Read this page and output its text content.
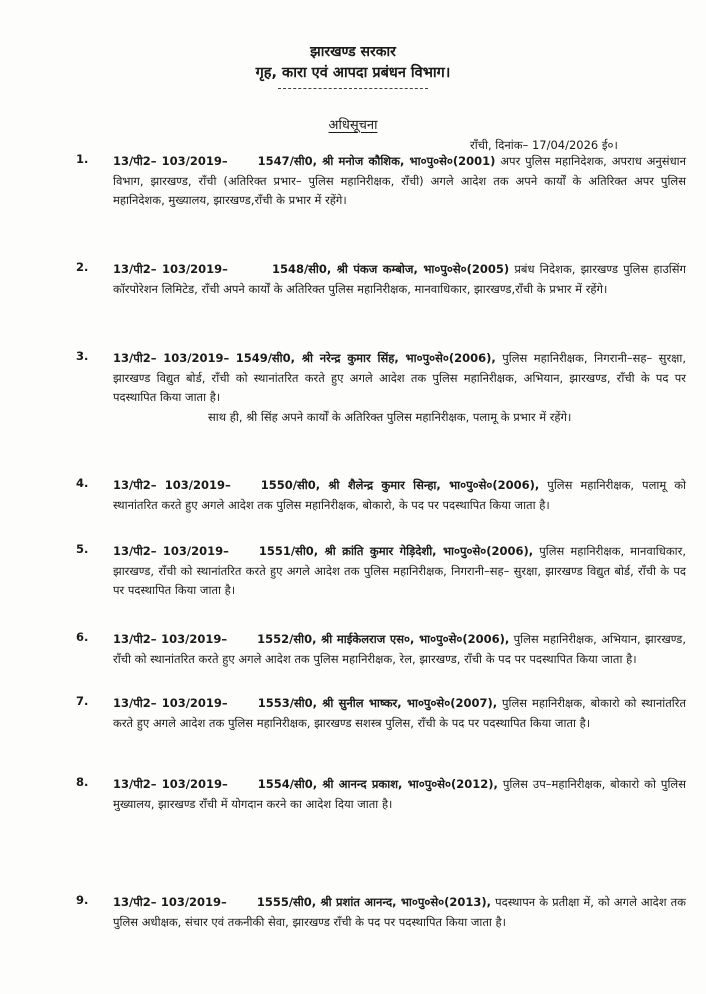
झारखण्ड सरकार
गृह, कारा एवं आपदा प्रबंधन विभाग।
अधिसूचना
राँची, दिनांक– 17/04/2026 ई०।
1. 13/पी2– 103/2019–	1547/सी0, श्री मनोज कौशिक, भा०पु०से०(2001) अपर पुलिस महानिदेशक, अपराध अनुसंधान विभाग, झारखण्ड, राँची (अतिरिक्त प्रभार– पुलिस महानिरीक्षक, राँची) अगले आदेश तक अपने कार्यों के अतिरिक्त अपर पुलिस महानिदेशक, मुख्यालय, झारखण्ड,राँची के प्रभार में रहेंगे।
2. 13/पी2– 103/2019–	1548/सी0, श्री पंकज कम्बोज, भा०पु०से०(2005) प्रबंध निदेशक, झारखण्ड पुलिस हाउसिंग कॉरपोरेशन लिमिटेड, राँची अपने कार्यों के अतिरिक्त पुलिस महानिरीक्षक, मानवाधिकार, झारखण्ड,राँची के प्रभार में रहेंगे।
3. 13/पी2– 103/2019– 1549/सी0, श्री नरेन्द्र कुमार सिंह, भा०पु०से०(2006), पुलिस महानिरीक्षक, निगरानी–सह– सुरक्षा, झारखण्ड विद्युत बोर्ड, राँची को स्थानांतरित करते हुए अगले आदेश तक पुलिस महानिरीक्षक, अभियान, झारखण्ड, राँची के पद पर पदस्थापित किया जाता है।
साथ ही, श्री सिंह अपने कार्यों के अतिरिक्त पुलिस महानिरीक्षक, पलामू के प्रभार में रहेंगे।
4. 13/पी2– 103/2019–	1550/सी0, श्री शैलेन्द्र कुमार सिन्हा, भा०पु०से०(2006), पुलिस महानिरीक्षक, पलामू को स्थानांतरित करते हुए अगले आदेश तक पुलिस महानिरीक्षक, बोकारो, के पद पर पदस्थापित किया जाता है।
5. 13/पी2– 103/2019–	1551/सी0, श्री क्रांति कुमार गेड़िदेशी, भा०पु०से०(2006), पुलिस महानिरीक्षक, मानवाधिकार, झारखण्ड, राँची को स्थानांतरित करते हुए अगले आदेश तक पुलिस महानिरीक्षक, निगरानी–सह– सुरक्षा, झारखण्ड विद्युत बोर्ड, राँची के पद पर पदस्थापित किया जाता है।
6. 13/पी2– 103/2019–	1552/सी0, श्री माईकेलराज एस०, भा०पु०से०(2006), पुलिस महानिरीक्षक, अभियान, झारखण्ड, राँची को स्थानांतरित करते हुए अगले आदेश तक पुलिस महानिरीक्षक, रेल, झारखण्ड, राँची के पद पर पदस्थापित किया जाता है।
7. 13/पी2– 103/2019–	1553/सी0, श्री सुनील भाष्कर, भा०पु०से०(2007), पुलिस महानिरीक्षक, बोकारो को स्थानांतरित करते हुए अगले आदेश तक पुलिस महानिरीक्षक, झारखण्ड सशस्त्र पुलिस, राँची के पद पर पदस्थापित किया जाता है।
8. 13/पी2– 103/2019–	1554/सी0, श्री आनन्द प्रकाश, भा०पु०से०(2012), पुलिस उप–महानिरीक्षक, बोकारो को पुलिस मुख्यालय, झारखण्ड राँची में योगदान करने का आदेश दिया जाता है।
9. 13/पी2– 103/2019–	1555/सी0, श्री प्रशांत आनन्द, भा०पु०से०(2013), पदस्थापन के प्रतीक्षा में, को अगले आदेश तक पुलिस अधीक्षक, संचार एवं तकनीकी सेवा, झारखण्ड राँची के पद पर पदस्थापित किया जाता है।
